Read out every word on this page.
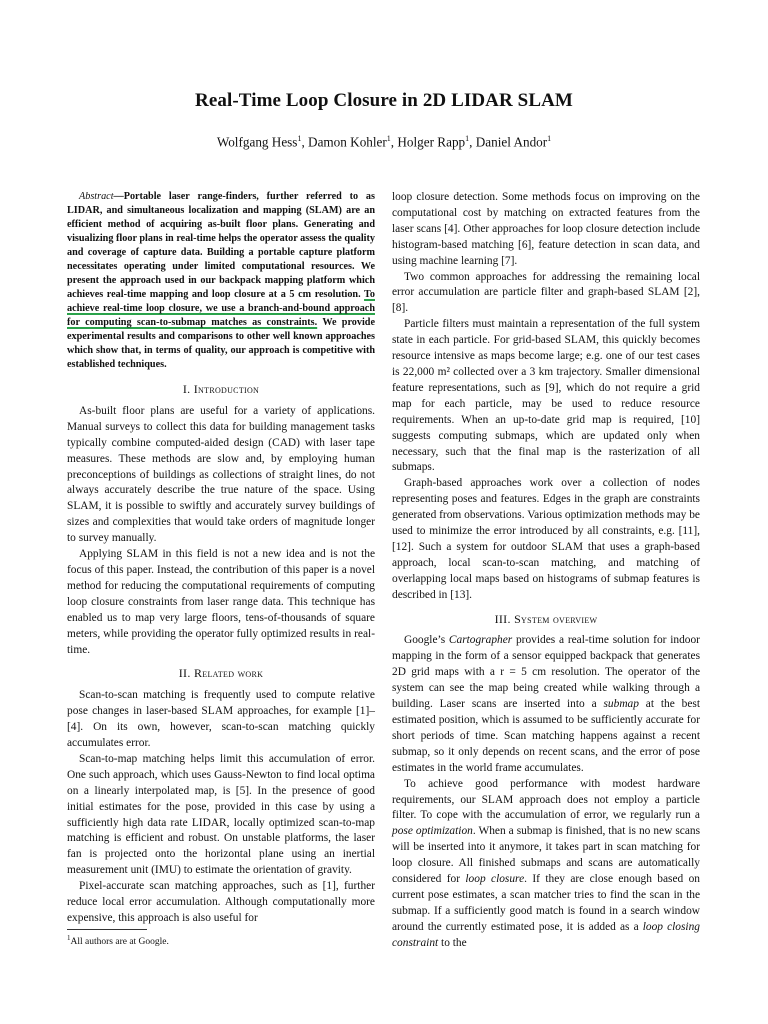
Real-Time Loop Closure in 2D LIDAR SLAM
Wolfgang Hess$^1$, Damon Kohler$^1$, Holger Rapp$^1$, Daniel Andor$^1$

Abstract—Portable laser range-finders, further referred to as LIDAR, and simultaneous localization and mapping (SLAM) are an efficient method of acquiring as-built floor plans. Generating and visualizing floor plans in real-time helps the operator assess the quality and coverage of capture data. Building a portable capture platform necessitates operating under limited computational resources. We present the approach used in our backpack mapping platform which achieves real-time mapping and loop closure at a 5 cm resolution. To achieve real-time loop closure, we use a branch-and-bound approach for computing scan-to-submap matches as constraints. We provide experimental results and comparisons to other well known approaches which show that, in terms of quality, our approach is competitive with established techniques.

I. Introduction

As-built floor plans are useful for a variety of applications. Manual surveys to collect this data for building management tasks typically combine computed-aided design (CAD) with laser tape measures. These methods are slow and, by employing human preconceptions of buildings as collections of straight lines, do not always accurately describe the true nature of the space. Using SLAM, it is possible to swiftly and accurately survey buildings of sizes and complexities that would take orders of magnitude longer to survey manually.

Applying SLAM in this field is not a new idea and is not the focus of this paper. Instead, the contribution of this paper is a novel method for reducing the computational requirements of computing loop closure constraints from laser range data. This technique has enabled us to map very large floors, tens-of-thousands of square meters, while providing the operator fully optimized results in real-time.

II. Related work

Scan-to-scan matching is frequently used to compute relative pose changes in laser-based SLAM approaches, for example [1]–[4]. On its own, however, scan-to-scan matching quickly accumulates error.

Scan-to-map matching helps limit this accumulation of error. One such approach, which uses Gauss-Newton to find local optima on a linearly interpolated map, is [5]. In the presence of good initial estimates for the pose, provided in this case by using a sufficiently high data rate LIDAR, locally optimized scan-to-map matching is efficient and robust. On unstable platforms, the laser fan is projected onto the horizontal plane using an inertial measurement unit (IMU) to estimate the orientation of gravity.

Pixel-accurate scan matching approaches, such as [1], further reduce local error accumulation. Although computationally more expensive, this approach is also useful for

loop closure detection. Some methods focus on improving on the computational cost by matching on extracted features from the laser scans [4]. Other approaches for loop closure detection include histogram-based matching [6], feature detection in scan data, and using machine learning [7].

Two common approaches for addressing the remaining local error accumulation are particle filter and graph-based SLAM [2], [8].

Particle filters must maintain a representation of the full system state in each particle. For grid-based SLAM, this quickly becomes resource intensive as maps become large; e.g. one of our test cases is 22,000 m² collected over a 3 km trajectory. Smaller dimensional feature representations, such as [9], which do not require a grid map for each particle, may be used to reduce resource requirements. When an up-to-date grid map is required, [10] suggests computing submaps, which are updated only when necessary, such that the final map is the rasterization of all submaps.

Graph-based approaches work over a collection of nodes representing poses and features. Edges in the graph are constraints generated from observations. Various optimization methods may be used to minimize the error introduced by all constraints, e.g. [11], [12]. Such a system for outdoor SLAM that uses a graph-based approach, local scan-to-scan matching, and matching of overlapping local maps based on histograms of submap features is described in [13].

III. System overview

Google’s Cartographer provides a real-time solution for indoor mapping in the form of a sensor equipped backpack that generates 2D grid maps with a r = 5 cm resolution. The operator of the system can see the map being created while walking through a building. Laser scans are inserted into a submap at the best estimated position, which is assumed to be sufficiently accurate for short periods of time. Scan matching happens against a recent submap, so it only depends on recent scans, and the error of pose estimates in the world frame accumulates.

To achieve good performance with modest hardware requirements, our SLAM approach does not employ a particle filter. To cope with the accumulation of error, we regularly run a pose optimization. When a submap is finished, that is no new scans will be inserted into it anymore, it takes part in scan matching for loop closure. All finished submaps and scans are automatically considered for loop closure. If they are close enough based on current pose estimates, a scan matcher tries to find the scan in the submap. If a sufficiently good match is found in a search window around the currently estimated pose, it is added as a loop closing constraint to the

$^1$All authors are at Google.
